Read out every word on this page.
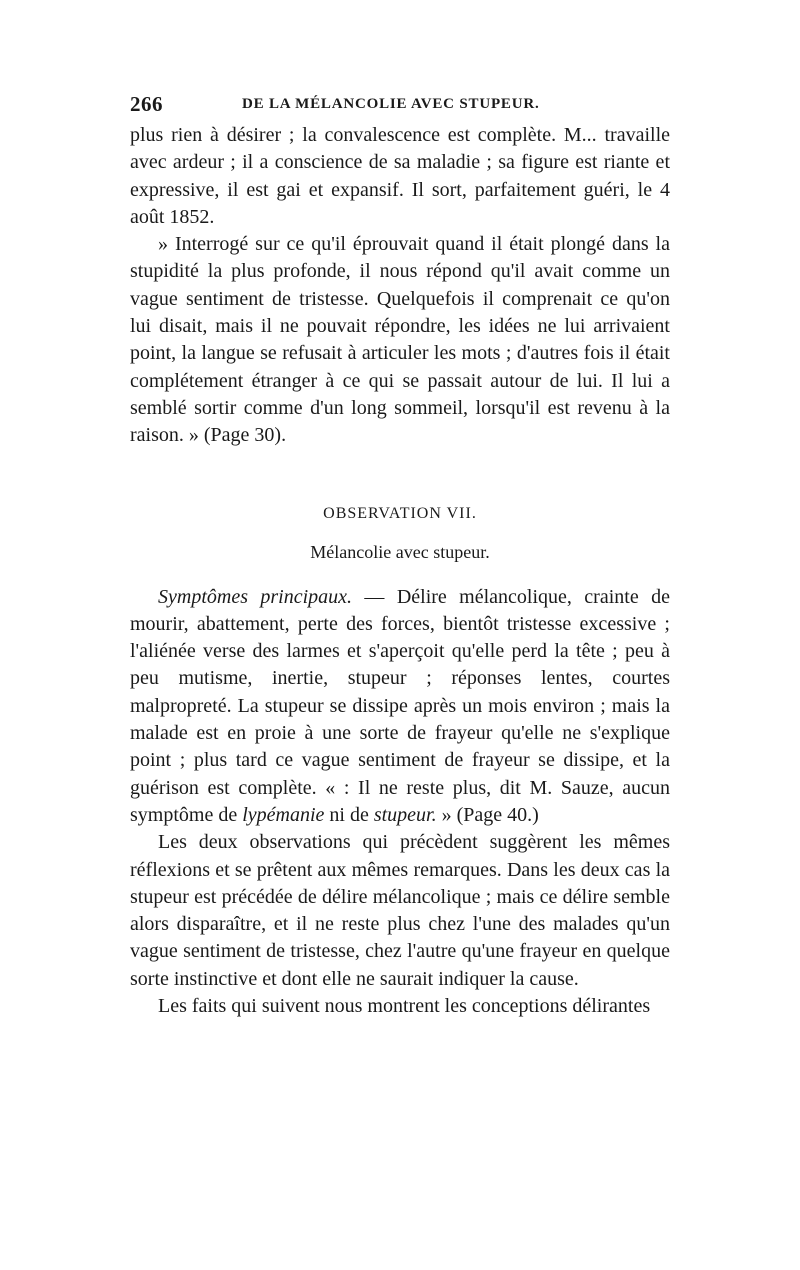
266	DE LA MÉLANCOLIE AVEC STUPEUR.

plus rien à désirer ; la convalescence est complète. M... travaille avec ardeur ; il a conscience de sa maladie ; sa figure est riante et expressive, il est gai et expansif. Il sort, parfaitement guéri, le 4 août 1852.

» Interrogé sur ce qu'il éprouvait quand il était plongé dans la stupidité la plus profonde, il nous répond qu'il avait comme un vague sentiment de tristesse. Quelquefois il comprenait ce qu'on lui disait, mais il ne pouvait répondre, les idées ne lui arrivaient point, la langue se refusait à articuler les mots ; d'autres fois il était complétement étranger à ce qui se passait autour de lui. Il lui a semblé sortir comme d'un long sommeil, lorsqu'il est revenu à la raison. » (Page 30).

OBSERVATION VII.

Mélancolie avec stupeur.

Symptômes principaux. — Délire mélancolique, crainte de mourir, abattement, perte des forces, bientôt tristesse excessive ; l'aliénée verse des larmes et s'aperçoit qu'elle perd la tête ; peu à peu mutisme, inertie, stupeur ; réponses lentes, courtes malpropreté. La stupeur se dissipe après un mois environ ; mais la malade est en proie à une sorte de frayeur qu'elle ne s'explique point ; plus tard ce vague sentiment de frayeur se dissipe, et la guérison est complète. « : Il ne reste plus, dit M. Sauze, aucun symptôme de lypémanie ni de stupeur. » (Page 40.)

Les deux observations qui précèdent suggèrent les mêmes réflexions et se prêtent aux mêmes remarques. Dans les deux cas la stupeur est précédée de délire mélancolique ; mais ce délire semble alors disparaître, et il ne reste plus chez l'une des malades qu'un vague sentiment de tristesse, chez l'autre qu'une frayeur en quelque sorte instinctive et dont elle ne saurait indiquer la cause.

Les faits qui suivent nous montrent les conceptions délirantes
